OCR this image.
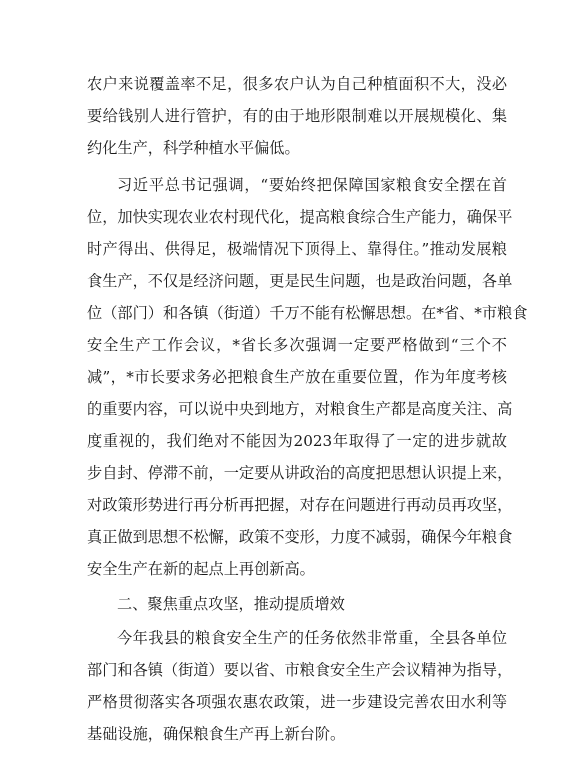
农户来说覆盖率不足，很多农户认为自己种植面积不大，没必
要给钱别人进行管护，有的由于地形限制难以开展规模化、集
约化生产，科学种植水平偏低。
习近平总书记强调，“要始终把保障国家粮食安全摆在首
位，加快实现农业农村现代化，提高粮食综合生产能力，确保平
时产得出、供得足，极端情况下顶得上、靠得住。”推动发展粮
食生产，不仅是经济问题，更是民生问题，也是政治问题，各单
位（部门）和各镇（街道）千万不能有松懈思想。在*省、*市粮食
安全生产工作会议，*省长多次强调一定要严格做到“三个不
减”，*市长要求务必把粮食生产放在重要位置，作为年度考核
的重要内容，可以说中央到地方，对粮食生产都是高度关注、高
度重视的，我们绝对不能因为2023年取得了一定的进步就故
步自封、停滞不前，一定要从讲政治的高度把思想认识提上来，
对政策形势进行再分析再把握，对存在问题进行再动员再攻坚，
真正做到思想不松懈，政策不变形，力度不减弱，确保今年粮食
安全生产在新的起点上再创新高。
二、聚焦重点攻坚，推动提质增效
今年我县的粮食安全生产的任务依然非常重，全县各单位
部门和各镇（街道）要以省、市粮食安全生产会议精神为指导，
严格贯彻落实各项强农惠农政策，进一步建设完善农田水利等
基础设施，确保粮食生产再上新台阶。
